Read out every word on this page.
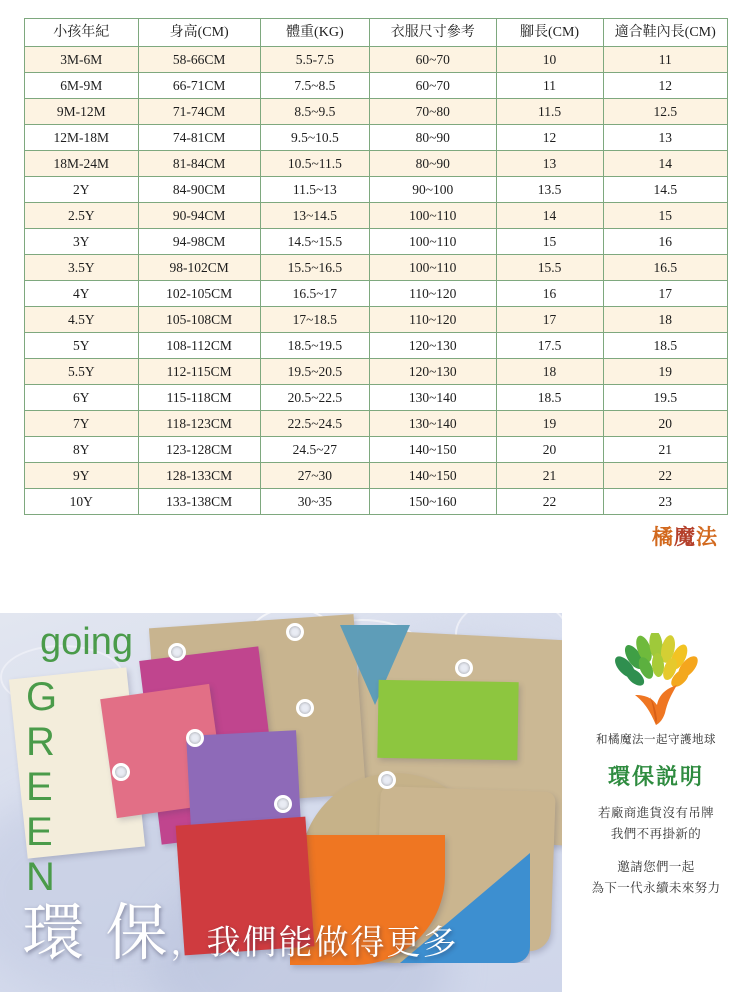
小孩年紀	身高(CM)	體重(KG)	衣服尺寸參考	腳長(CM)	適合鞋內長(CM)
3M-6M	58-66CM	5.5-7.5	60~70	10	11
6M-9M	66-71CM	7.5~8.5	60~70	11	12
9M-12M	71-74CM	8.5~9.5	70~80	11.5	12.5
12M-18M	74-81CM	9.5~10.5	80~90	12	13
18M-24M	81-84CM	10.5~11.5	80~90	13	14
2Y	84-90CM	11.5~13	90~100	13.5	14.5
2.5Y	90-94CM	13~14.5	100~110	14	15
3Y	94-98CM	14.5~15.5	100~110	15	16
3.5Y	98-102CM	15.5~16.5	100~110	15.5	16.5
4Y	102-105CM	16.5~17	110~120	16	17
4.5Y	105-108CM	17~18.5	110~120	17	18
5Y	108-112CM	18.5~19.5	120~130	17.5	18.5
5.5Y	112-115CM	19.5~20.5	120~130	18	19
6Y	115-118CM	20.5~22.5	130~140	18.5	19.5
7Y	118-123CM	22.5~24.5	130~140	19	20
8Y	123-128CM	24.5~27	140~150	20	21
9Y	128-133CM	27~30	140~150	21	22
10Y	133-138CM	30~35	150~160	22	23
橘魔法
going
G
R
E
E
N
環 保，我們能做得更多
和橘魔法一起守護地球
環保説明
若廠商進貨沒有吊牌
我們不再掛新的
邀請您們一起
為下一代永續未來努力
